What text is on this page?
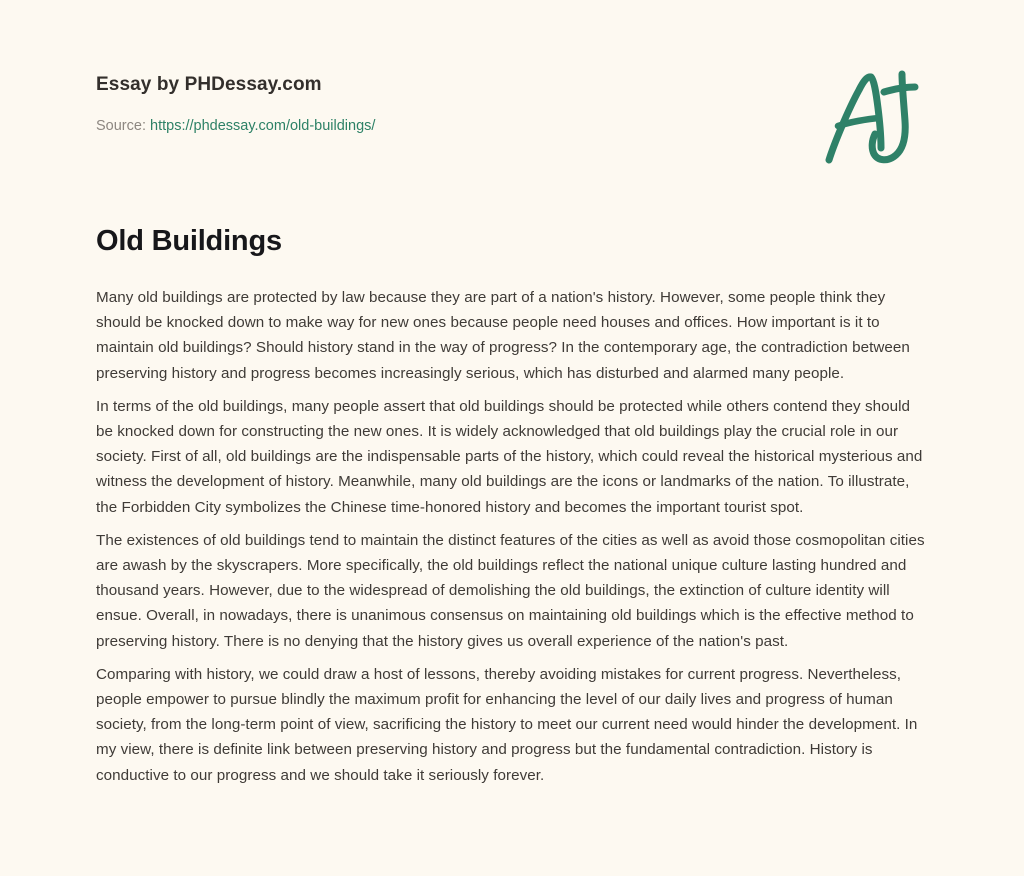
Essay by PHDessay.com
Source: https://phdessay.com/old-buildings/
Old Buildings

Many old buildings are protected by law because they are part of a nation's history. However, some people think they should be knocked down to make way for new ones because people need houses and offices. How important is it to maintain old buildings? Should history stand in the way of progress? In the contemporary age, the contradiction between preserving history and progress becomes increasingly serious, which has disturbed and alarmed many people.

In terms of the old buildings, many people assert that old buildings should be protected while others contend they should be knocked down for constructing the new ones. It is widely acknowledged that old buildings play the crucial role in our society. First of all, old buildings are the indispensable parts of the history, which could reveal the historical mysterious and witness the development of history. Meanwhile, many old buildings are the icons or landmarks of the nation. To illustrate, the Forbidden City symbolizes the Chinese time-honored history and becomes the important tourist spot.

The existences of old buildings tend to maintain the distinct features of the cities as well as avoid those cosmopolitan cities are awash by the skyscrapers. More specifically, the old buildings reflect the national unique culture lasting hundred and thousand years. However, due to the widespread of demolishing the old buildings, the extinction of culture identity will ensue. Overall, in nowadays, there is unanimous consensus on maintaining old buildings which is the effective method to preserving history. There is no denying that the history gives us overall experience of the nation's past.

Comparing with history, we could draw a host of lessons, thereby avoiding mistakes for current progress. Nevertheless, people empower to pursue blindly the maximum profit for enhancing the level of our daily lives and progress of human society, from the long-term point of view, sacrificing the history to meet our current need would hinder the development. In my view, there is definite link between preserving history and progress but the fundamental contradiction. History is conductive to our progress and we should take it seriously forever.
